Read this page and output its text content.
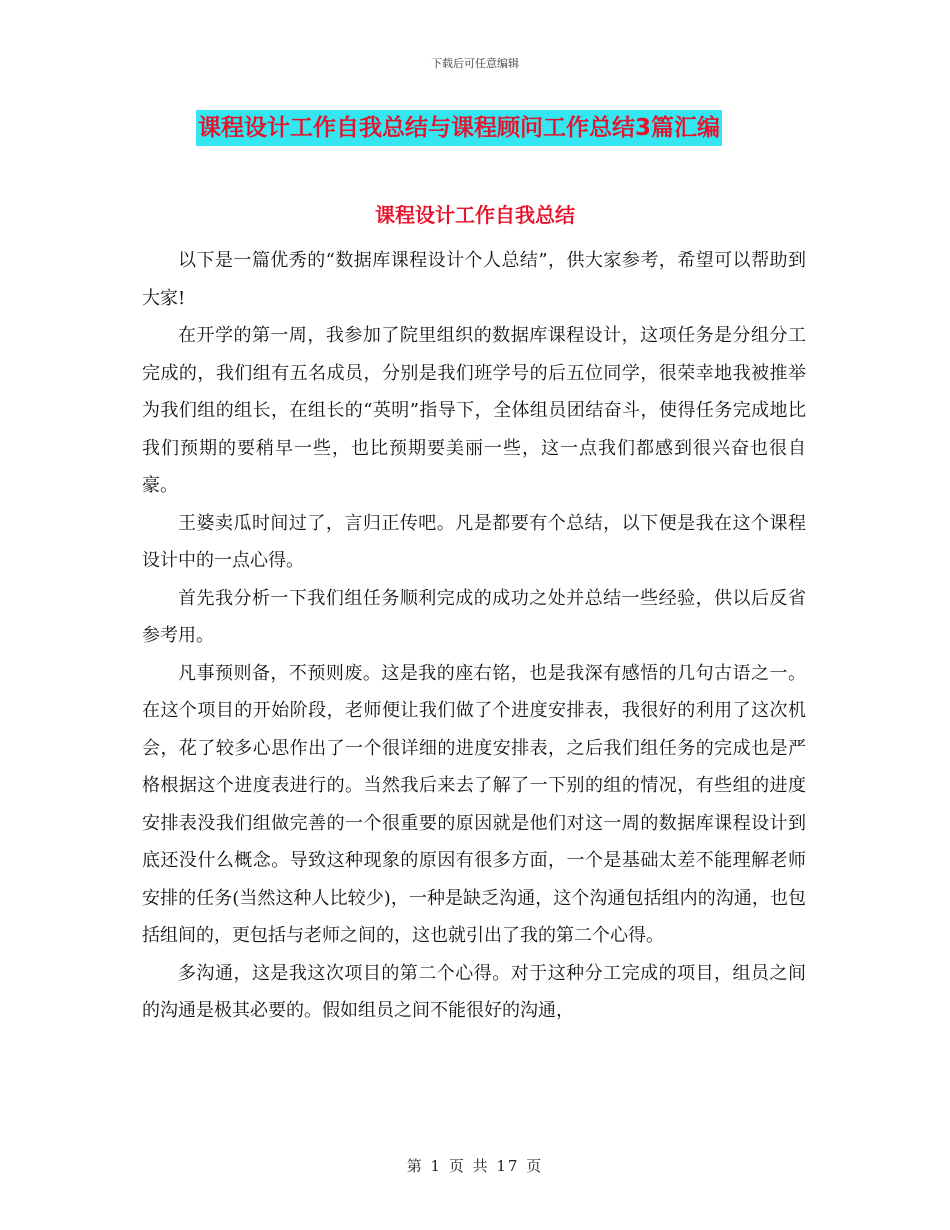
下载后可任意编辑
课程设计工作自我总结与课程顾问工作总结3篇汇编
课程设计工作自我总结

以下是一篇优秀的“数据库课程设计个人总结”，供大家参考，希望可以帮助到大家!

在开学的第一周，我参加了院里组织的数据库课程设计，这项任务是分组分工完成的，我们组有五名成员，分别是我们班学号的后五位同学，很荣幸地我被推举为我们组的组长，在组长的“英明”指导下，全体组员团结奋斗，使得任务完成地比我们预期的要稍早一些，也比预期要美丽一些，这一点我们都感到很兴奋也很自豪。

王婆卖瓜时间过了，言归正传吧。凡是都要有个总结，以下便是我在这个课程设计中的一点心得。

首先我分析一下我们组任务顺利完成的成功之处并总结一些经验，供以后反省参考用。

凡事预则备，不预则废。这是我的座右铭，也是我深有感悟的几句古语之一。在这个项目的开始阶段，老师便让我们做了个进度安排表，我很好的利用了这次机会，花了较多心思作出了一个很详细的进度安排表，之后我们组任务的完成也是严格根据这个进度表进行的。当然我后来去了解了一下别的组的情况，有些组的进度安排表没我们组做完善的一个很重要的原因就是他们对这一周的数据库课程设计到底还没什么概念。导致这种现象的原因有很多方面，一个是基础太差不能理解老师安排的任务(当然这种人比较少)，一种是缺乏沟通，这个沟通包括组内的沟通，也包括组间的，更包括与老师之间的，这也就引出了我的第二个心得。

多沟通，这是我这次项目的第二个心得。对于这种分工完成的项目，组员之间的沟通是极其必要的。假如组员之间不能很好的沟通，

第 1 页 共 17 页
